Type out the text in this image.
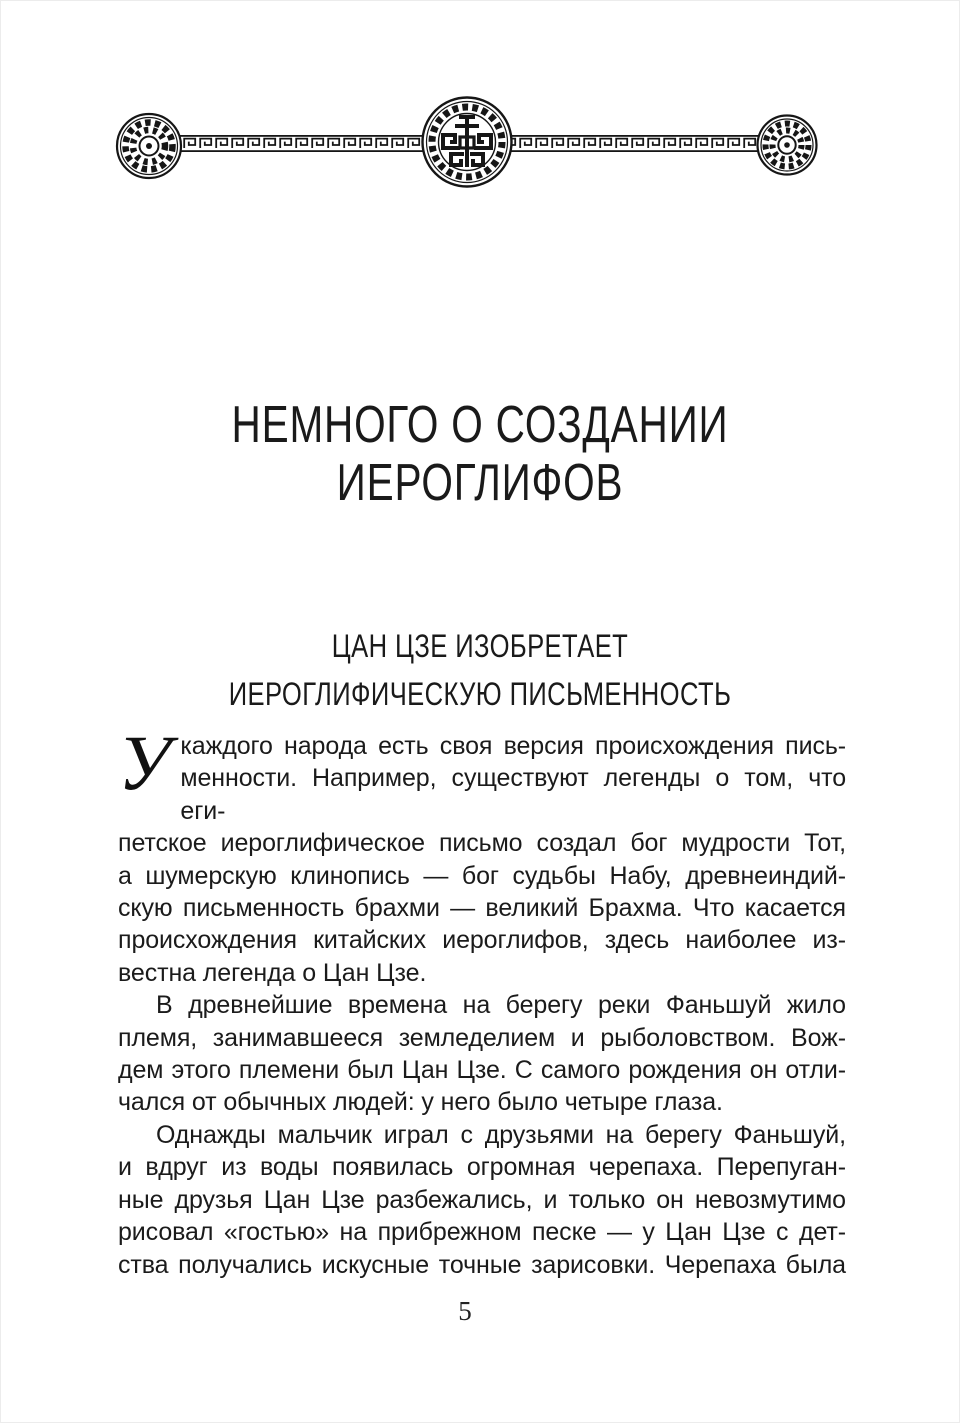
НЕМНОГО О СОЗДАНИИ
ИЕРОГЛИФОВ
ЦАН ЦЗЕ ИЗОБРЕТАЕТ
ИЕРОГЛИФИЧЕСКУЮ ПИСЬМЕННОСТЬ
У каждого народа есть своя версия происхождения пись-
менности. Например, существуют легенды о том, что еги-
петское иероглифическое письмо создал бог мудрости Тот,
а шумерскую клинопись — бог судьбы Набу, древнеиндий-
скую письменность брахми — великий Брахма. Что касается
происхождения китайских иероглифов, здесь наиболее из-
вестна легенда о Цан Цзе.
В древнейшие времена на берегу реки Фаньшуй жило
племя, занимавшееся земледелием и рыболовством. Вож-
дем этого племени был Цан Цзе. С самого рождения он отли-
чался от обычных людей: у него было четыре глаза.
Однажды мальчик играл с друзьями на берегу Фаньшуй,
и вдруг из воды появилась огромная черепаха. Перепуган-
ные друзья Цан Цзе разбежались, и только он невозмутимо
рисовал «гостью» на прибрежном песке — у Цан Цзе с дет-
ства получались искусные точные зарисовки. Черепаха была
5
